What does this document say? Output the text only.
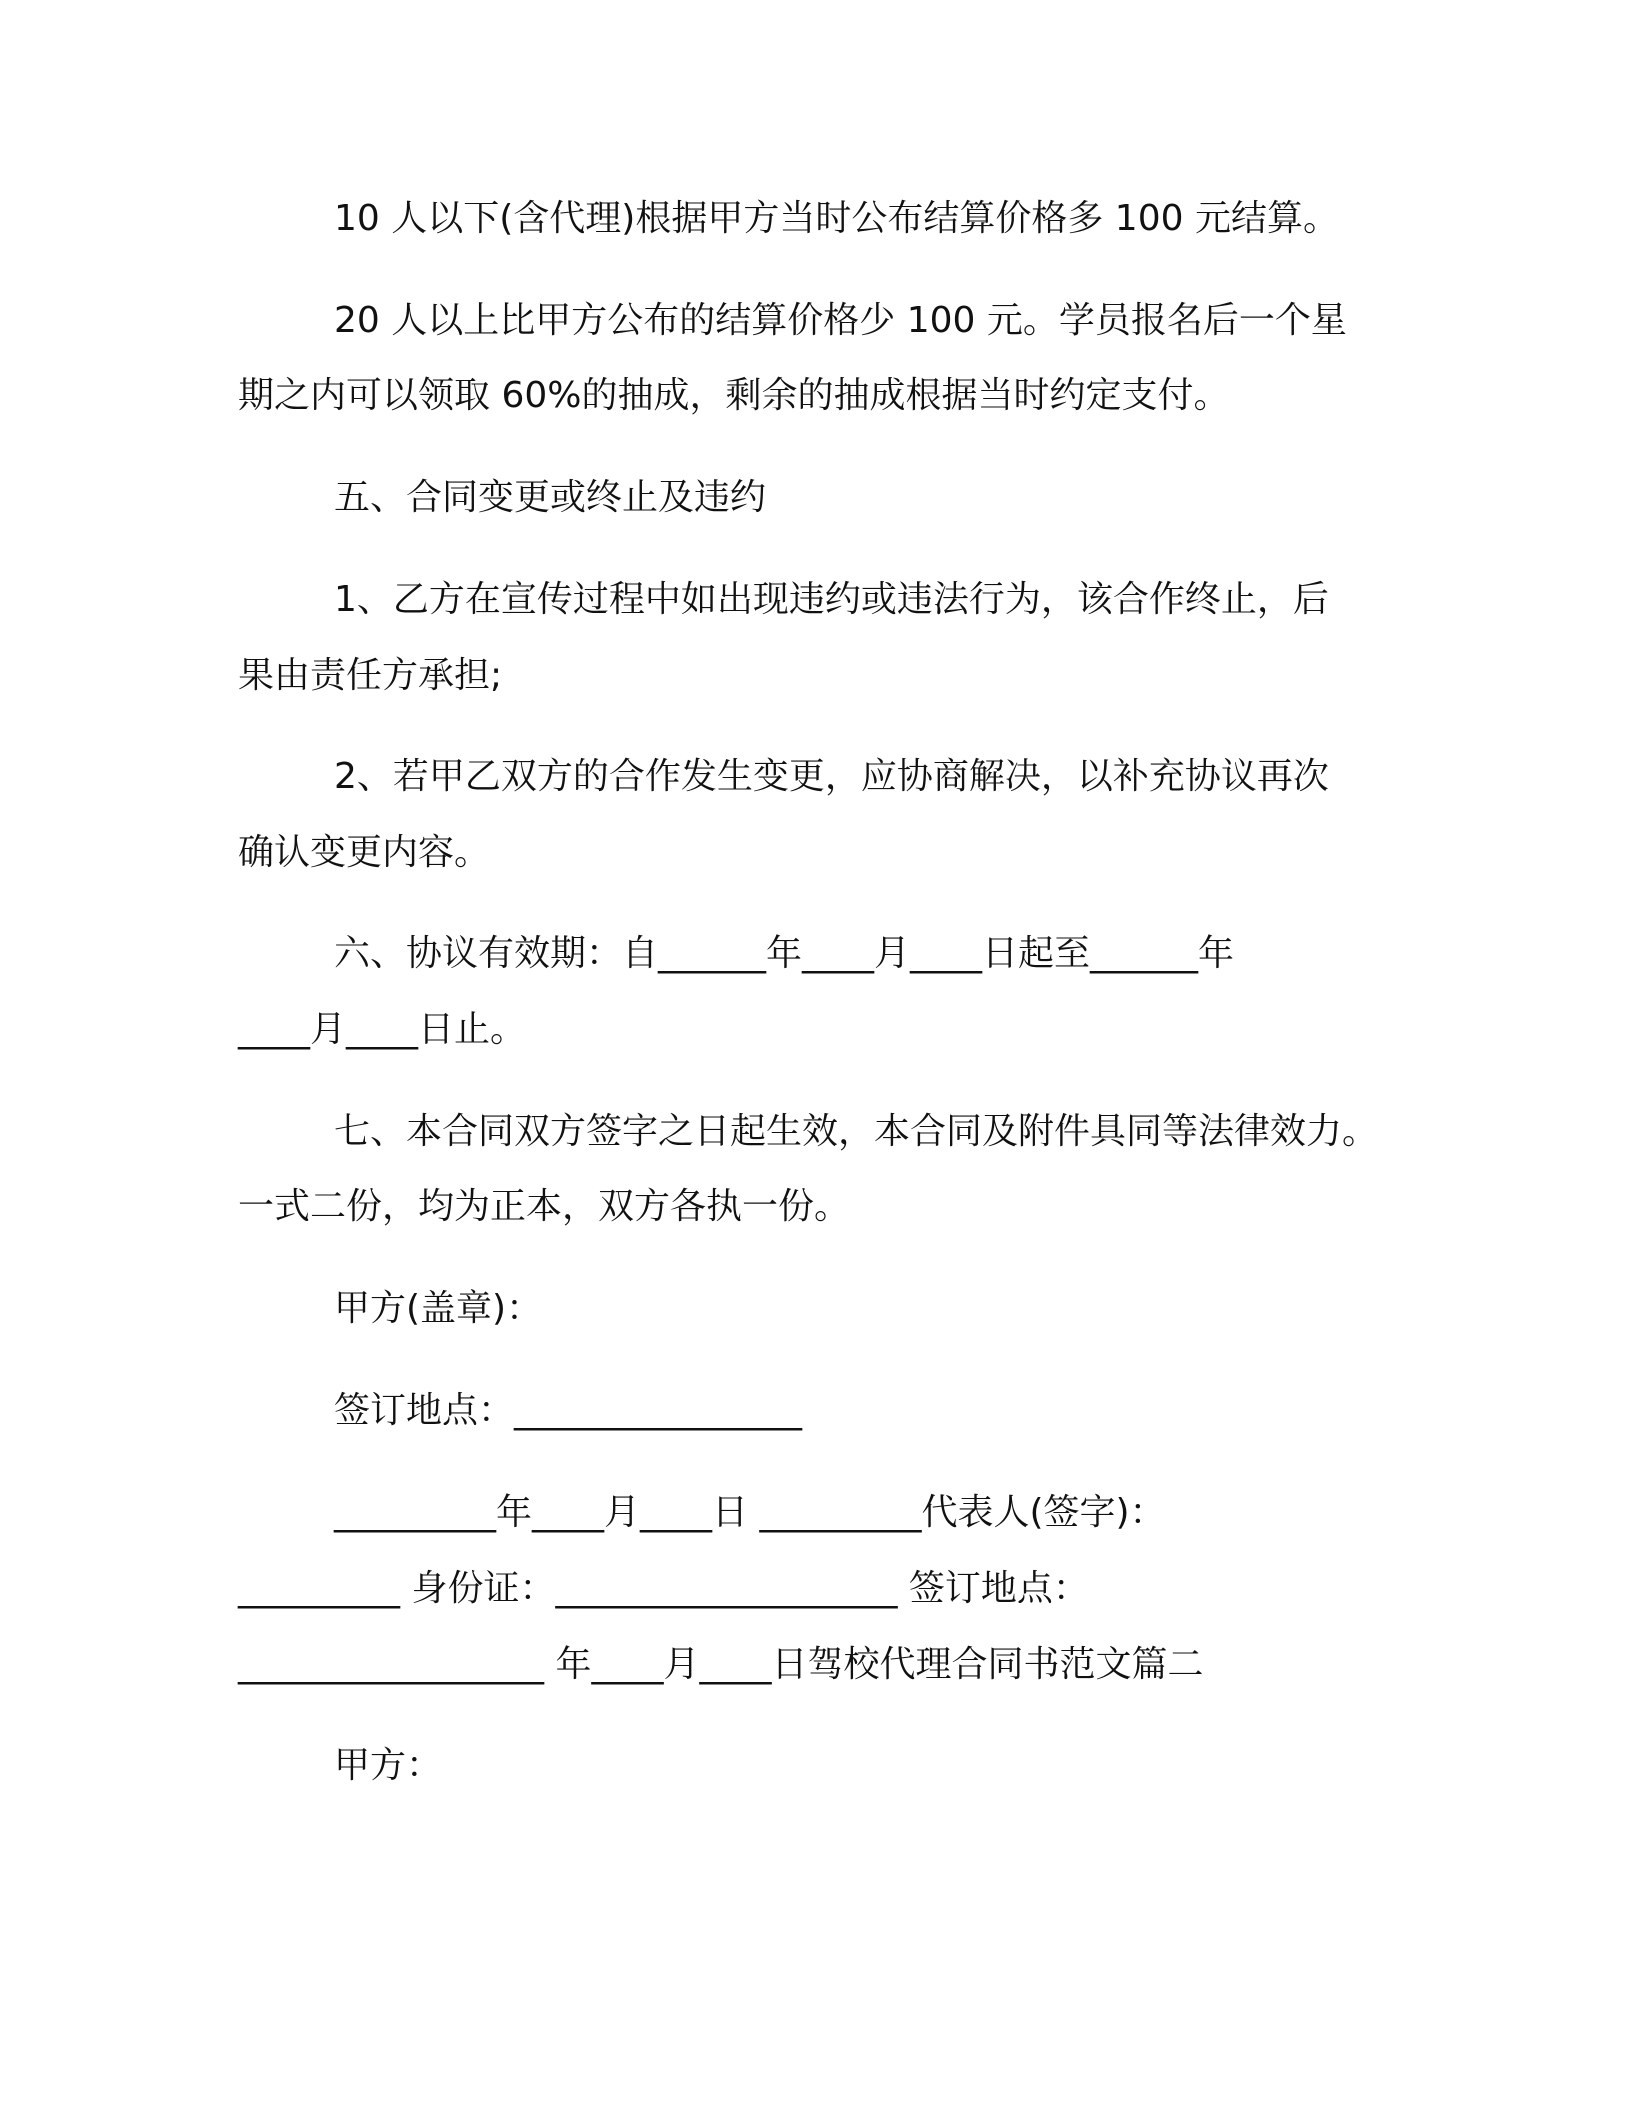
10 人以下(含代理)根据甲方当时公布结算价格多 100 元结算。
20 人以上比甲方公布的结算价格少 100 元。学员报名后一个星
期之内可以领取 60%的抽成，剩余的抽成根据当时约定支付。
五、合同变更或终止及违约
1、乙方在宣传过程中如出现违约或违法行为，该合作终止，后
果由责任方承担;
2、若甲乙双方的合作发生变更，应协商解决，以补充协议再次
确认变更内容。
六、协议有效期：自______年____月____日起至______年
____月____日止。
七、本合同双方签字之日起生效，本合同及附件具同等法律效力。
一式二份，均为正本，双方各执一份。
甲方(盖章)：
签订地点：________________
_________年____月____日 _________代表人(签字)：
_________ 身份证：___________________ 签订地点：
_________________ 年____月____日驾校代理合同书范文篇二
甲方：
